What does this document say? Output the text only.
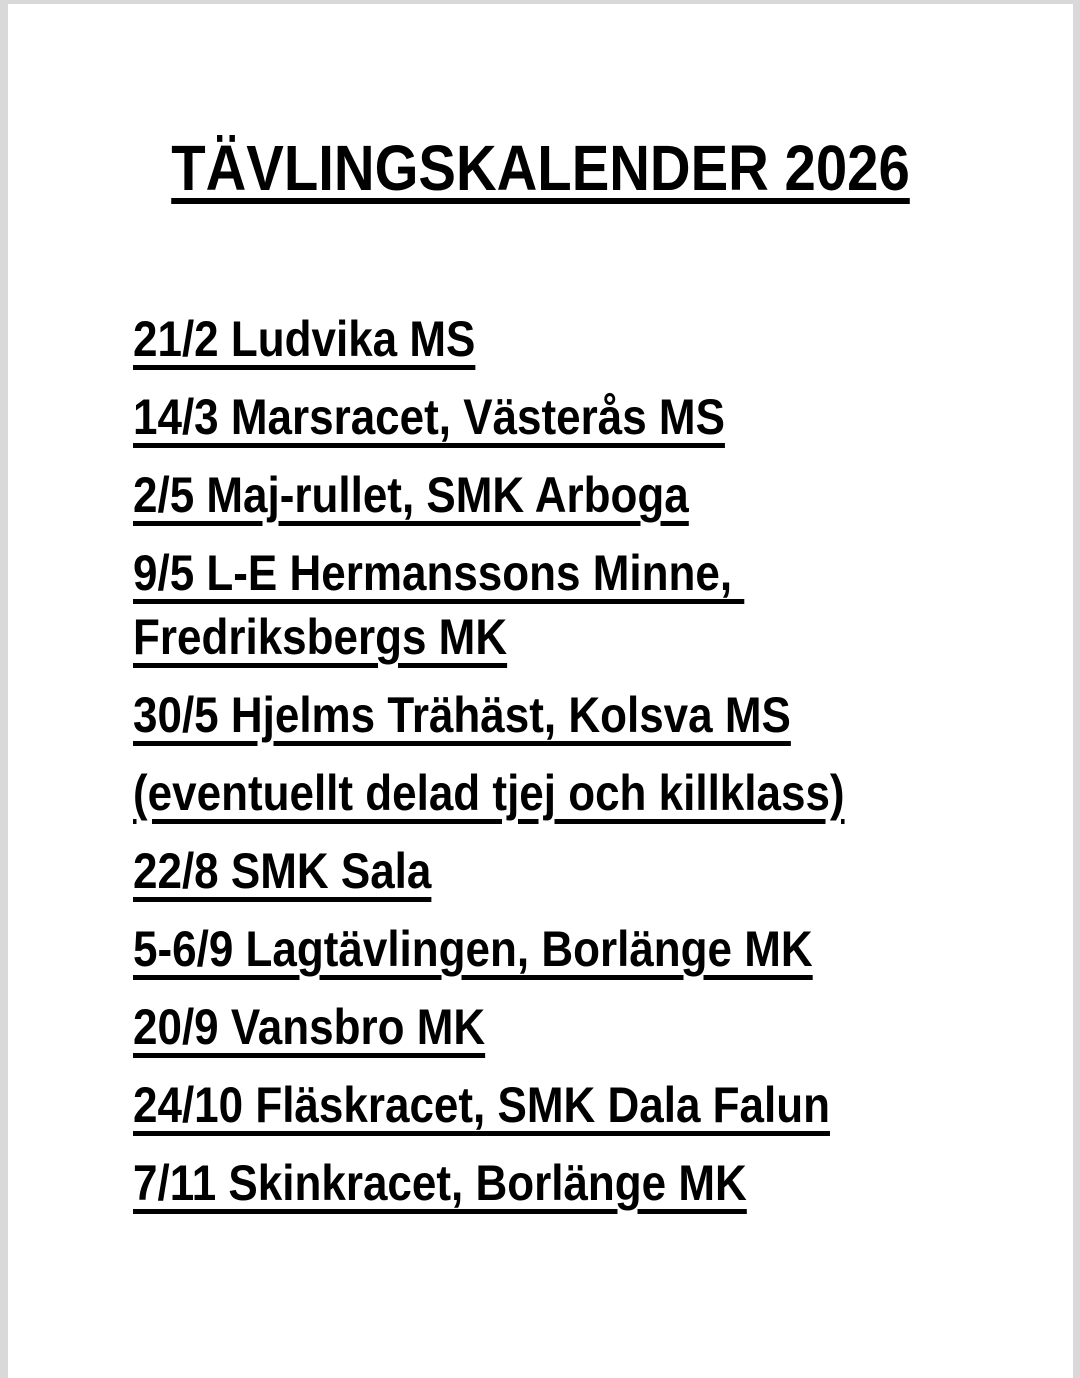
TÄVLINGSKALENDER 2026

21/2 Ludvika MS

14/3 Marsracet, Västerås MS

2/5 Maj-rullet, SMK Arboga

9/5 L-E Hermanssons Minne,

Fredriksbergs MK

30/5 Hjelms Trähäst, Kolsva MS

(eventuellt delad tjej och killklass)

22/8 SMK Sala

5-6/9 Lagtävlingen, Borlänge MK

20/9 Vansbro MK

24/10 Fläskracet, SMK Dala Falun

7/11 Skinkracet, Borlänge MK
